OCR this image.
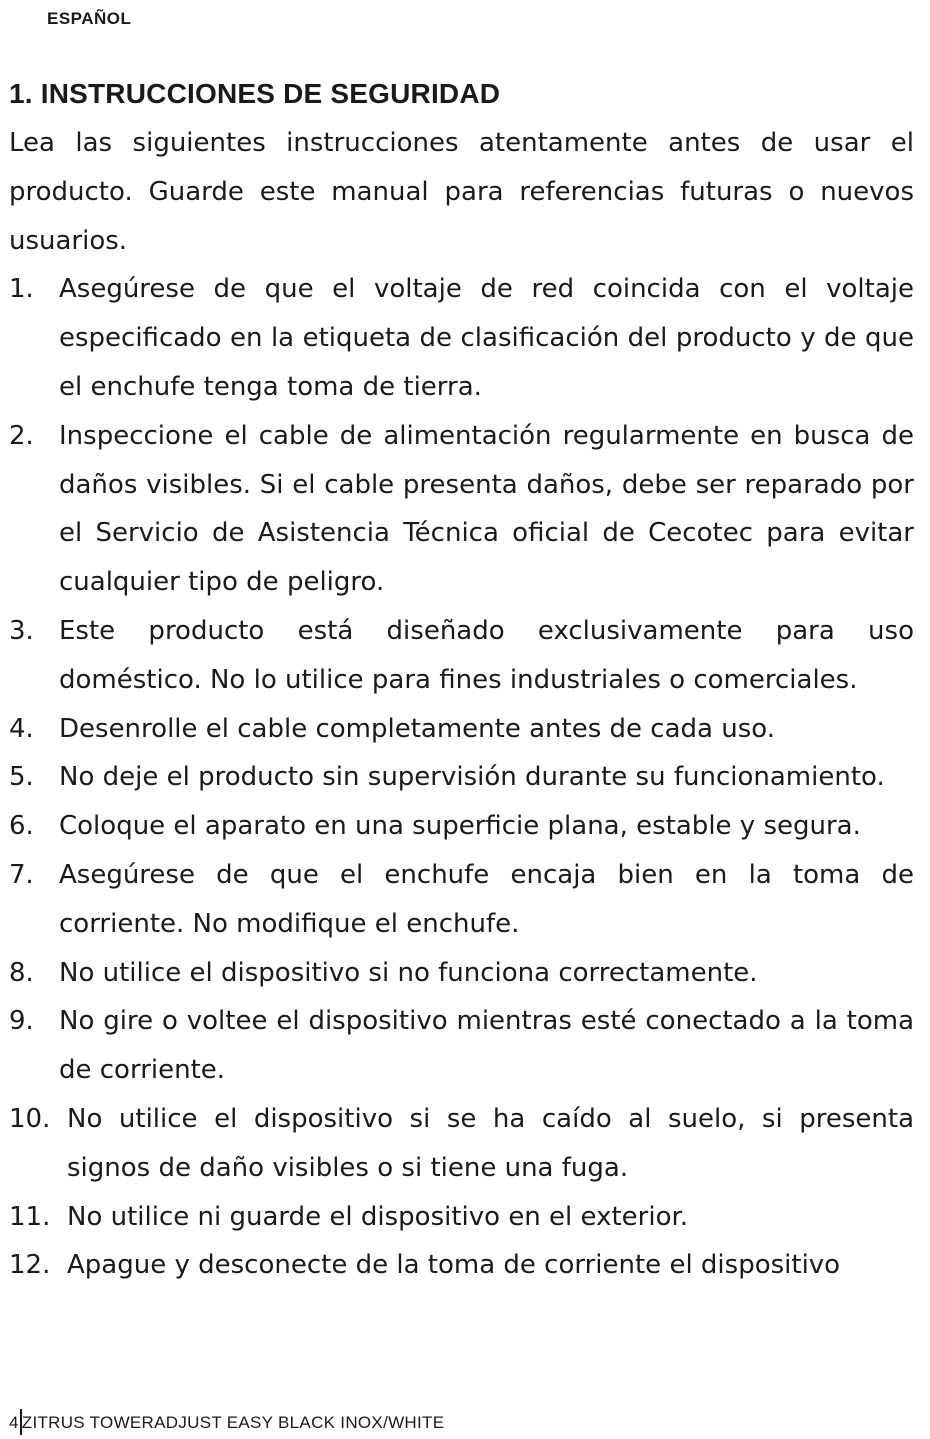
ESPAÑOL
1. INSTRUCCIONES DE SEGURIDAD

Lea las siguientes instrucciones atentamente antes de usar el producto. Guarde este manual para referencias futuras o nuevos usuarios.

1. Asegúrese de que el voltaje de red coincida con el voltaje especificado en la etiqueta de clasificación del producto y de que el enchufe tenga toma de tierra.
2. Inspeccione el cable de alimentación regularmente en busca de daños visibles. Si el cable presenta daños, debe ser reparado por el Servicio de Asistencia Técnica oficial de Cecotec para evitar cualquier tipo de peligro.
3. Este producto está diseñado exclusivamente para uso doméstico. No lo utilice para fines industriales o comerciales.
4. Desenrolle el cable completamente antes de cada uso.
5. No deje el producto sin supervisión durante su funcionamiento.
6. Coloque el aparato en una superficie plana, estable y segura.
7. Asegúrese de que el enchufe encaja bien en la toma de corriente. No modifique el enchufe.
8. No utilice el dispositivo si no funciona correctamente.
9. No gire o voltee el dispositivo mientras esté conectado a la toma de corriente.
10. No utilice el dispositivo si se ha caído al suelo, si presenta signos de daño visibles o si tiene una fuga.
11. No utilice ni guarde el dispositivo en el exterior.
12. Apague y desconecte de la toma de corriente el dispositivo
4 ZITRUS TOWERADJUST EASY BLACK INOX/WHITE
